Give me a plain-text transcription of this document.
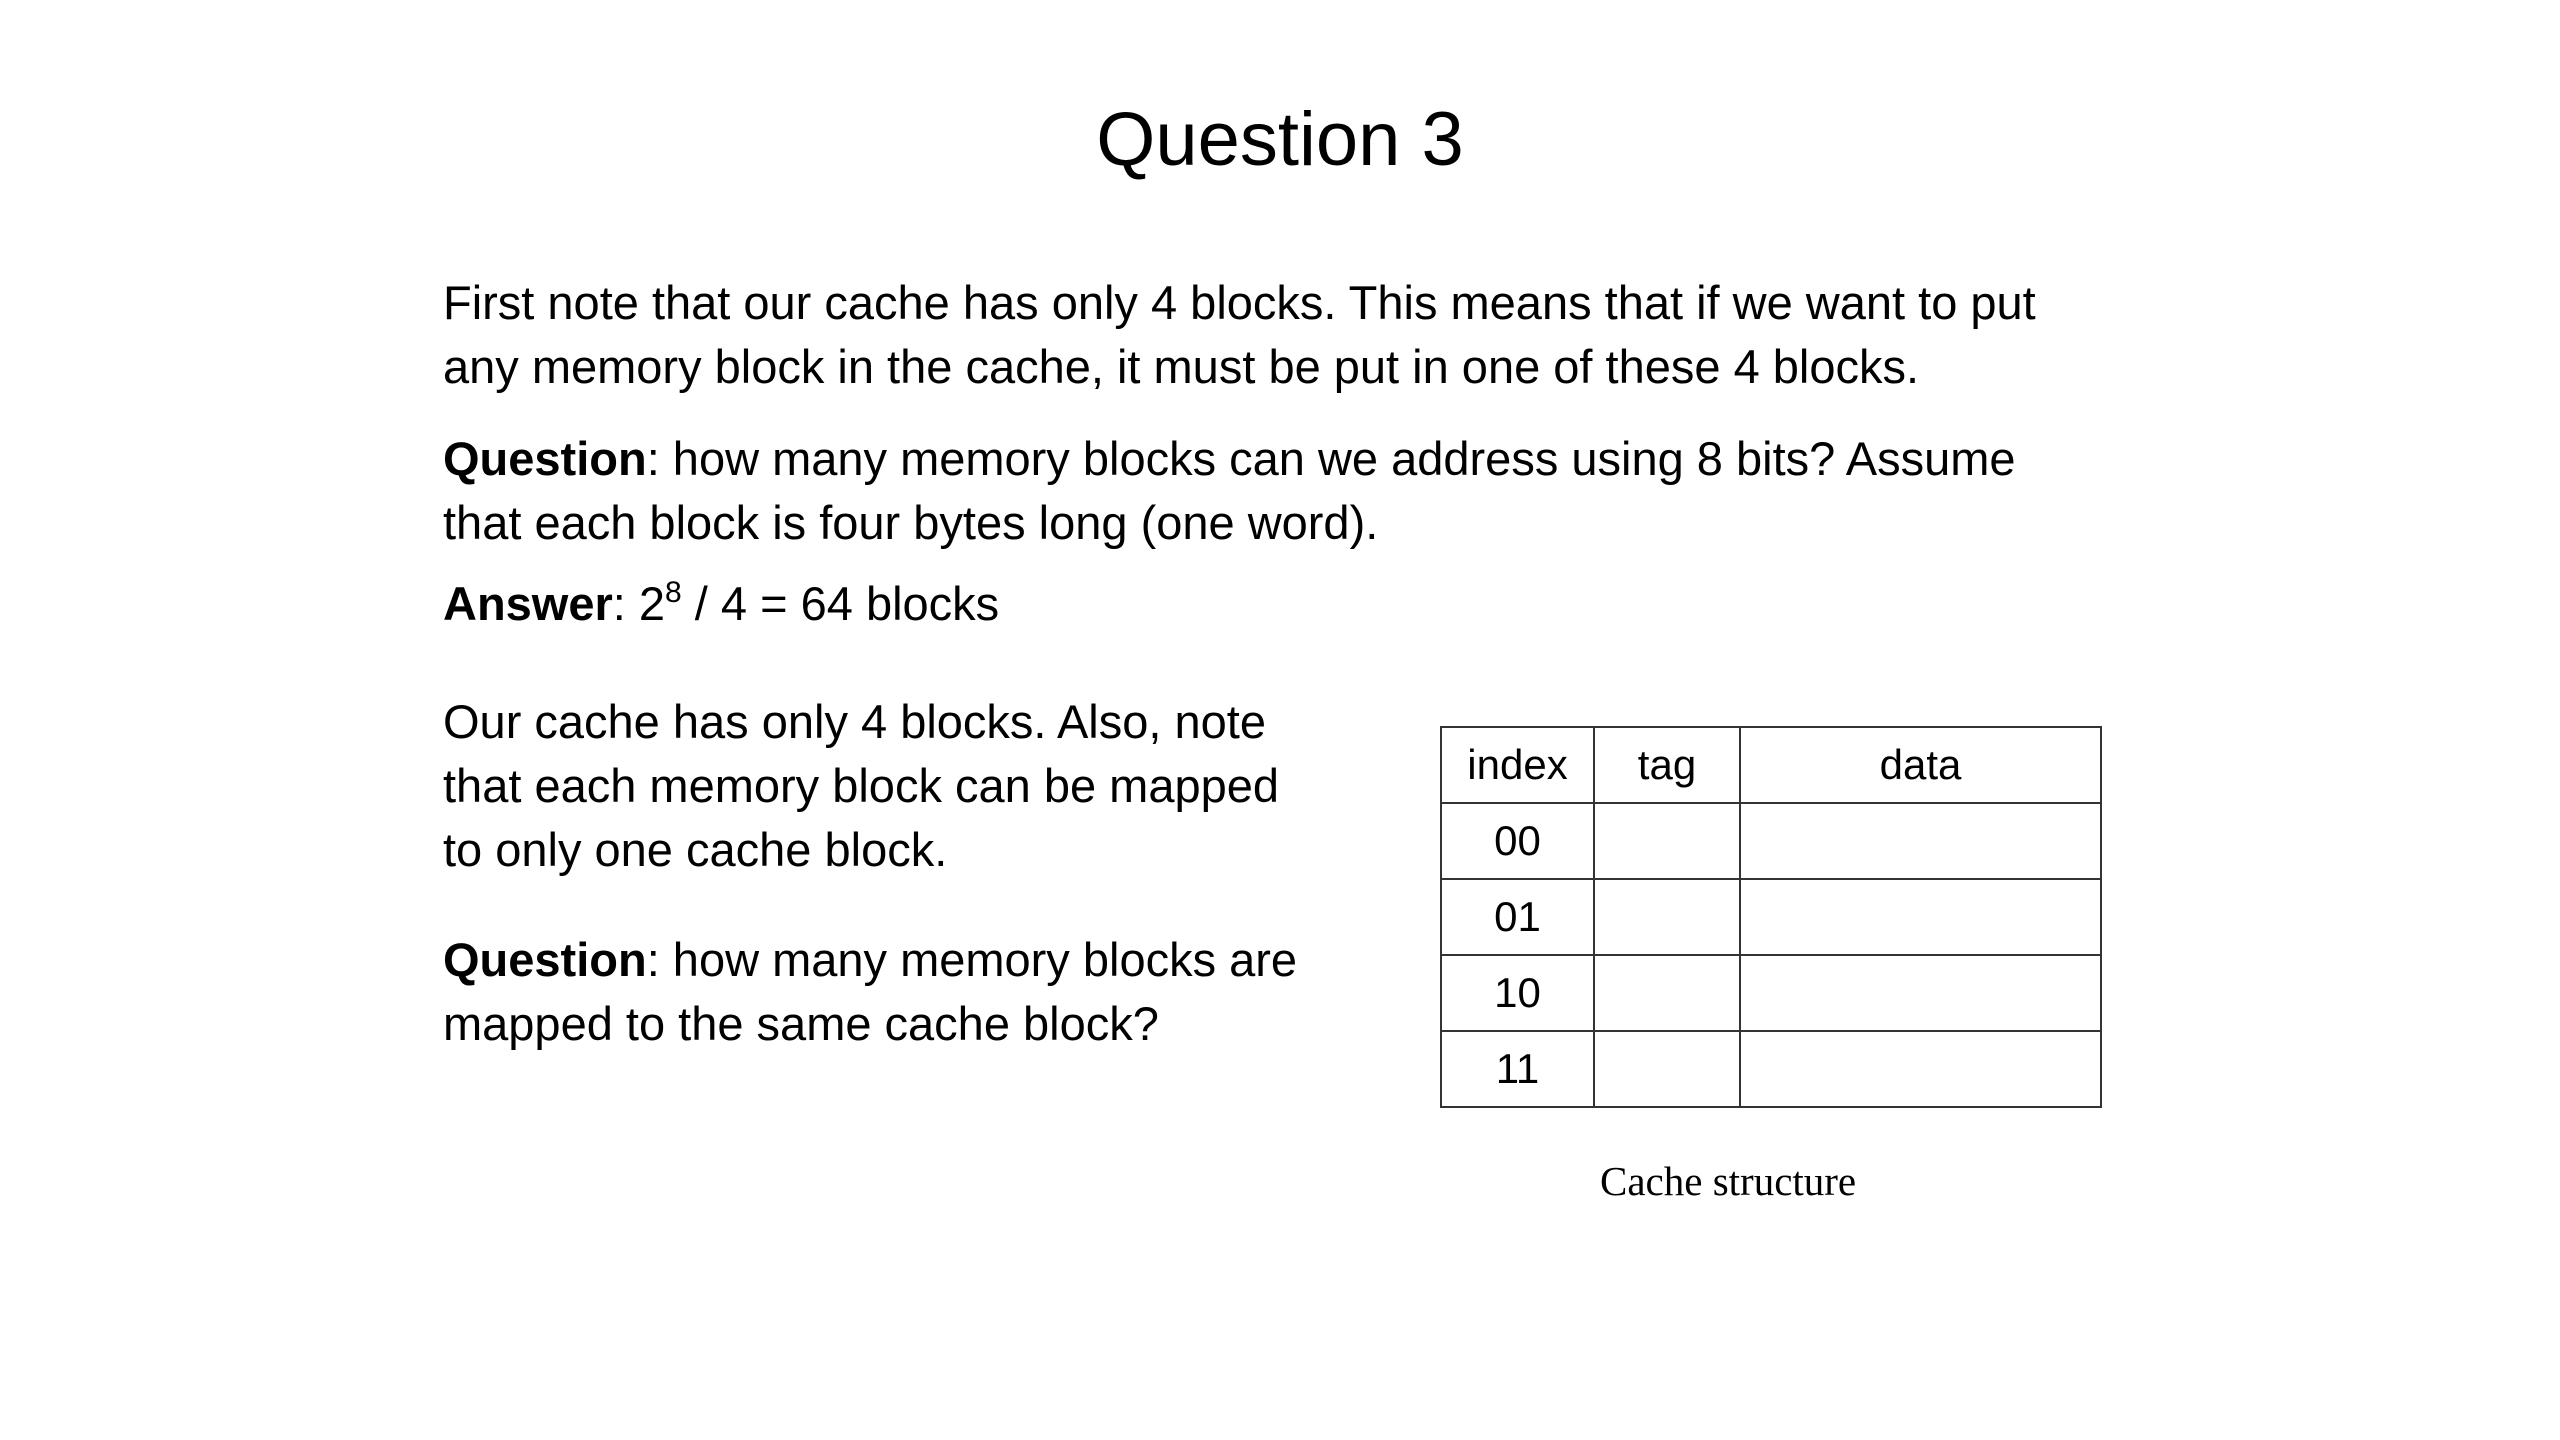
Question 3
First note that our cache has only 4 blocks. This means that if we want to put
any memory block in the cache, it must be put in one of these 4 blocks.
Question: how many memory blocks can we address using 8 bits? Assume
that each block is four bytes long (one word).
Answer: $2^8 / 4 = 64$ blocks
Our cache has only 4 blocks. Also, note
that each memory block can be mapped
to only one cache block.
Question: how many memory blocks are
mapped to the same cache block?
index	tag	data
00		
01		
10		
11		
Cache structure
